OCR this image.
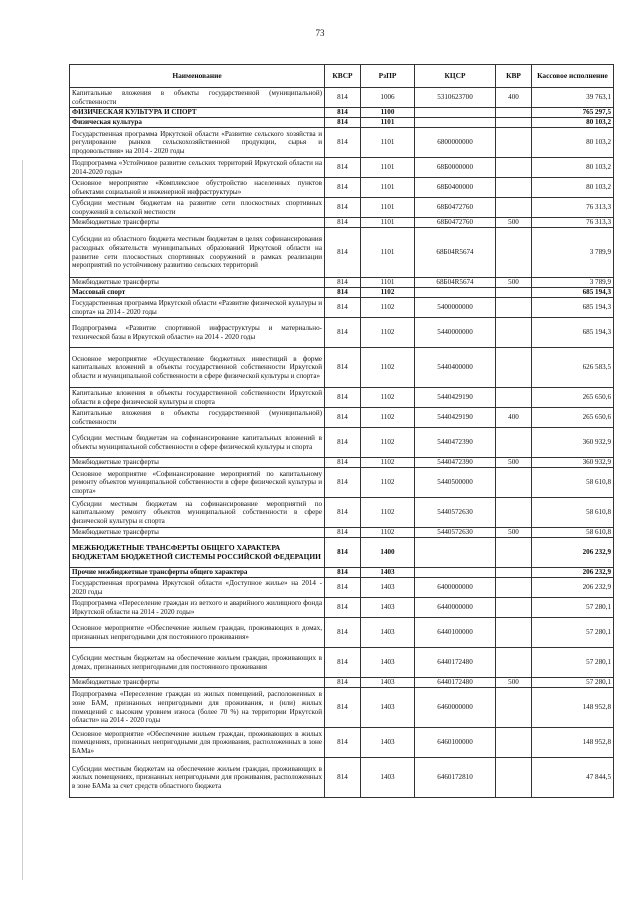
73
Наименование	КВСР	РзПР	КЦСР	КВР	Кассовое исполнение
Капитальные вложения в объекты государственной (муниципальной) собственности	814	1006	5310623700	400	39 763,1
ФИЗИЧЕСКАЯ КУЛЬТУРА И СПОРТ	814	1100			765 297,5
Физическая культура	814	1101			80 103,2
Государственная программа Иркутской области «Развитие сельского хозяйства и регулирование рынков сельскохозяйственной продукции, сырья и продовольствия» на 2014 - 2020 годы	814	1101	6800000000		80 103,2
Подпрограмма «Устойчивое развитие сельских территорий Иркутской области на 2014-2020 годы»	814	1101	68Б0000000		80 103,2
Основное мероприятие «Комплексное обустройство населенных пунктов объектами социальной и инженерной инфраструктуры»	814	1101	68Б0400000		80 103,2
Субсидии местным бюджетам на развитие сети плоскостных спортивных сооружений в сельской местности	814	1101	68Б0472760		76 313,3
Межбюджетные трансферты	814	1101	68Б0472760	500	76 313,3
Субсидии из областного бюджета местным бюджетам в целях софинансирования расходных обязательств муниципальных образований Иркутской области на развитие сети плоскостных спортивных сооружений в рамках реализации мероприятий по устойчивому развитию сельских территорий	814	1101	68Б04R5674		3 789,9
Межбюджетные трансферты	814	1101	68Б04R5674	500	3 789,9
Массовый спорт	814	1102			685 194,3
Государственная программа Иркутской области «Развитие физической культуры и спорта» на 2014 - 2020 годы	814	1102	5400000000		685 194,3
Подпрограмма «Развитие спортивной инфраструктуры и материально- технической базы в Иркутской области» на 2014 - 2020 годы	814	1102	5440000000		685 194,3
Основное мероприятие «Осуществление бюджетных инвестиций в форме капитальных вложений в объекты государственной собственности Иркутской области и муниципальной собственности в сфере физической культуры и спорта»	814	1102	5440400000		626 583,5
Капитальные вложения в объекты государственной собственности Иркутской области в сфере физической культуры и спорта	814	1102	5440429190		265 650,6
Капитальные вложения в объекты государственной (муниципальной) собственности	814	1102	5440429190	400	265 650,6
Субсидии местным бюджетам на софинансирование капитальных вложений в объекты муниципальной собственности в сфере физической культуры и спорта	814	1102	5440472390		360 932,9
Межбюджетные трансферты	814	1102	5440472390	500	360 932,9
Основное мероприятие «Софинансирование мероприятий по капитальному ремонту объектов муниципальной собственности в сфере физической культуры и спорта»	814	1102	5440500000		58 610,8
Субсидии местным бюджетам на софинансирование мероприятий по капитальному ремонту объектов муниципальной собственности в сфере физической культуры и спорта	814	1102	5440572630		58 610,8
Межбюджетные трансферты	814	1102	5440572630	500	58 610,8
МЕЖБЮДЖЕТНЫЕ ТРАНСФЕРТЫ ОБЩЕГО ХАРАКТЕРА БЮДЖЕТАМ БЮДЖЕТНОЙ СИСТЕМЫ РОССИЙСКОЙ ФЕДЕРАЦИИ	814	1400			206 232,9
Прочие межбюджетные трансферты общего характера	814	1403			206 232,9
Государственная программа Иркутской области «Доступное жилье» на 2014 - 2020 годы	814	1403	6400000000		206 232,9
Подпрограмма «Переселение граждан из ветхого и аварийного жилищного фонда Иркутской области на 2014 - 2020 годы»	814	1403	6440000000		57 280,1
Основное мероприятие «Обеспечение жильем граждан, проживающих в домах, признанных непригодными для постоянного проживания»	814	1403	6440100000		57 280,1
Субсидии местным бюджетам на обеспечение жильем граждан, проживающих в домах, признанных непригодными для постоянного проживания	814	1403	6440172480		57 280,1
Межбюджетные трансферты	814	1403	6440172480	500	57 280,1
Подпрограмма «Переселение граждан из жилых помещений, расположенных в зоне БАМ, признанных непригодными для проживания, и (или) жилых помещений с высоким уровнем износа (более 70 %) на территории Иркутской области» на 2014 - 2020 годы	814	1403	6460000000		148 952,8
Основное мероприятие «Обеспечение жильем граждан, проживающих в жилых помещениях, признанных непригодными для проживания, расположенных в зоне БАМа»	814	1403	6460100000		148 952,8
Субсидии местным бюджетам на обеспечение жильем граждан, проживающих в жилых помещениях, признанных непригодными для проживания, расположенных в зоне БАМа за счет средств областного бюджета	814	1403	6460172810		47 844,5
